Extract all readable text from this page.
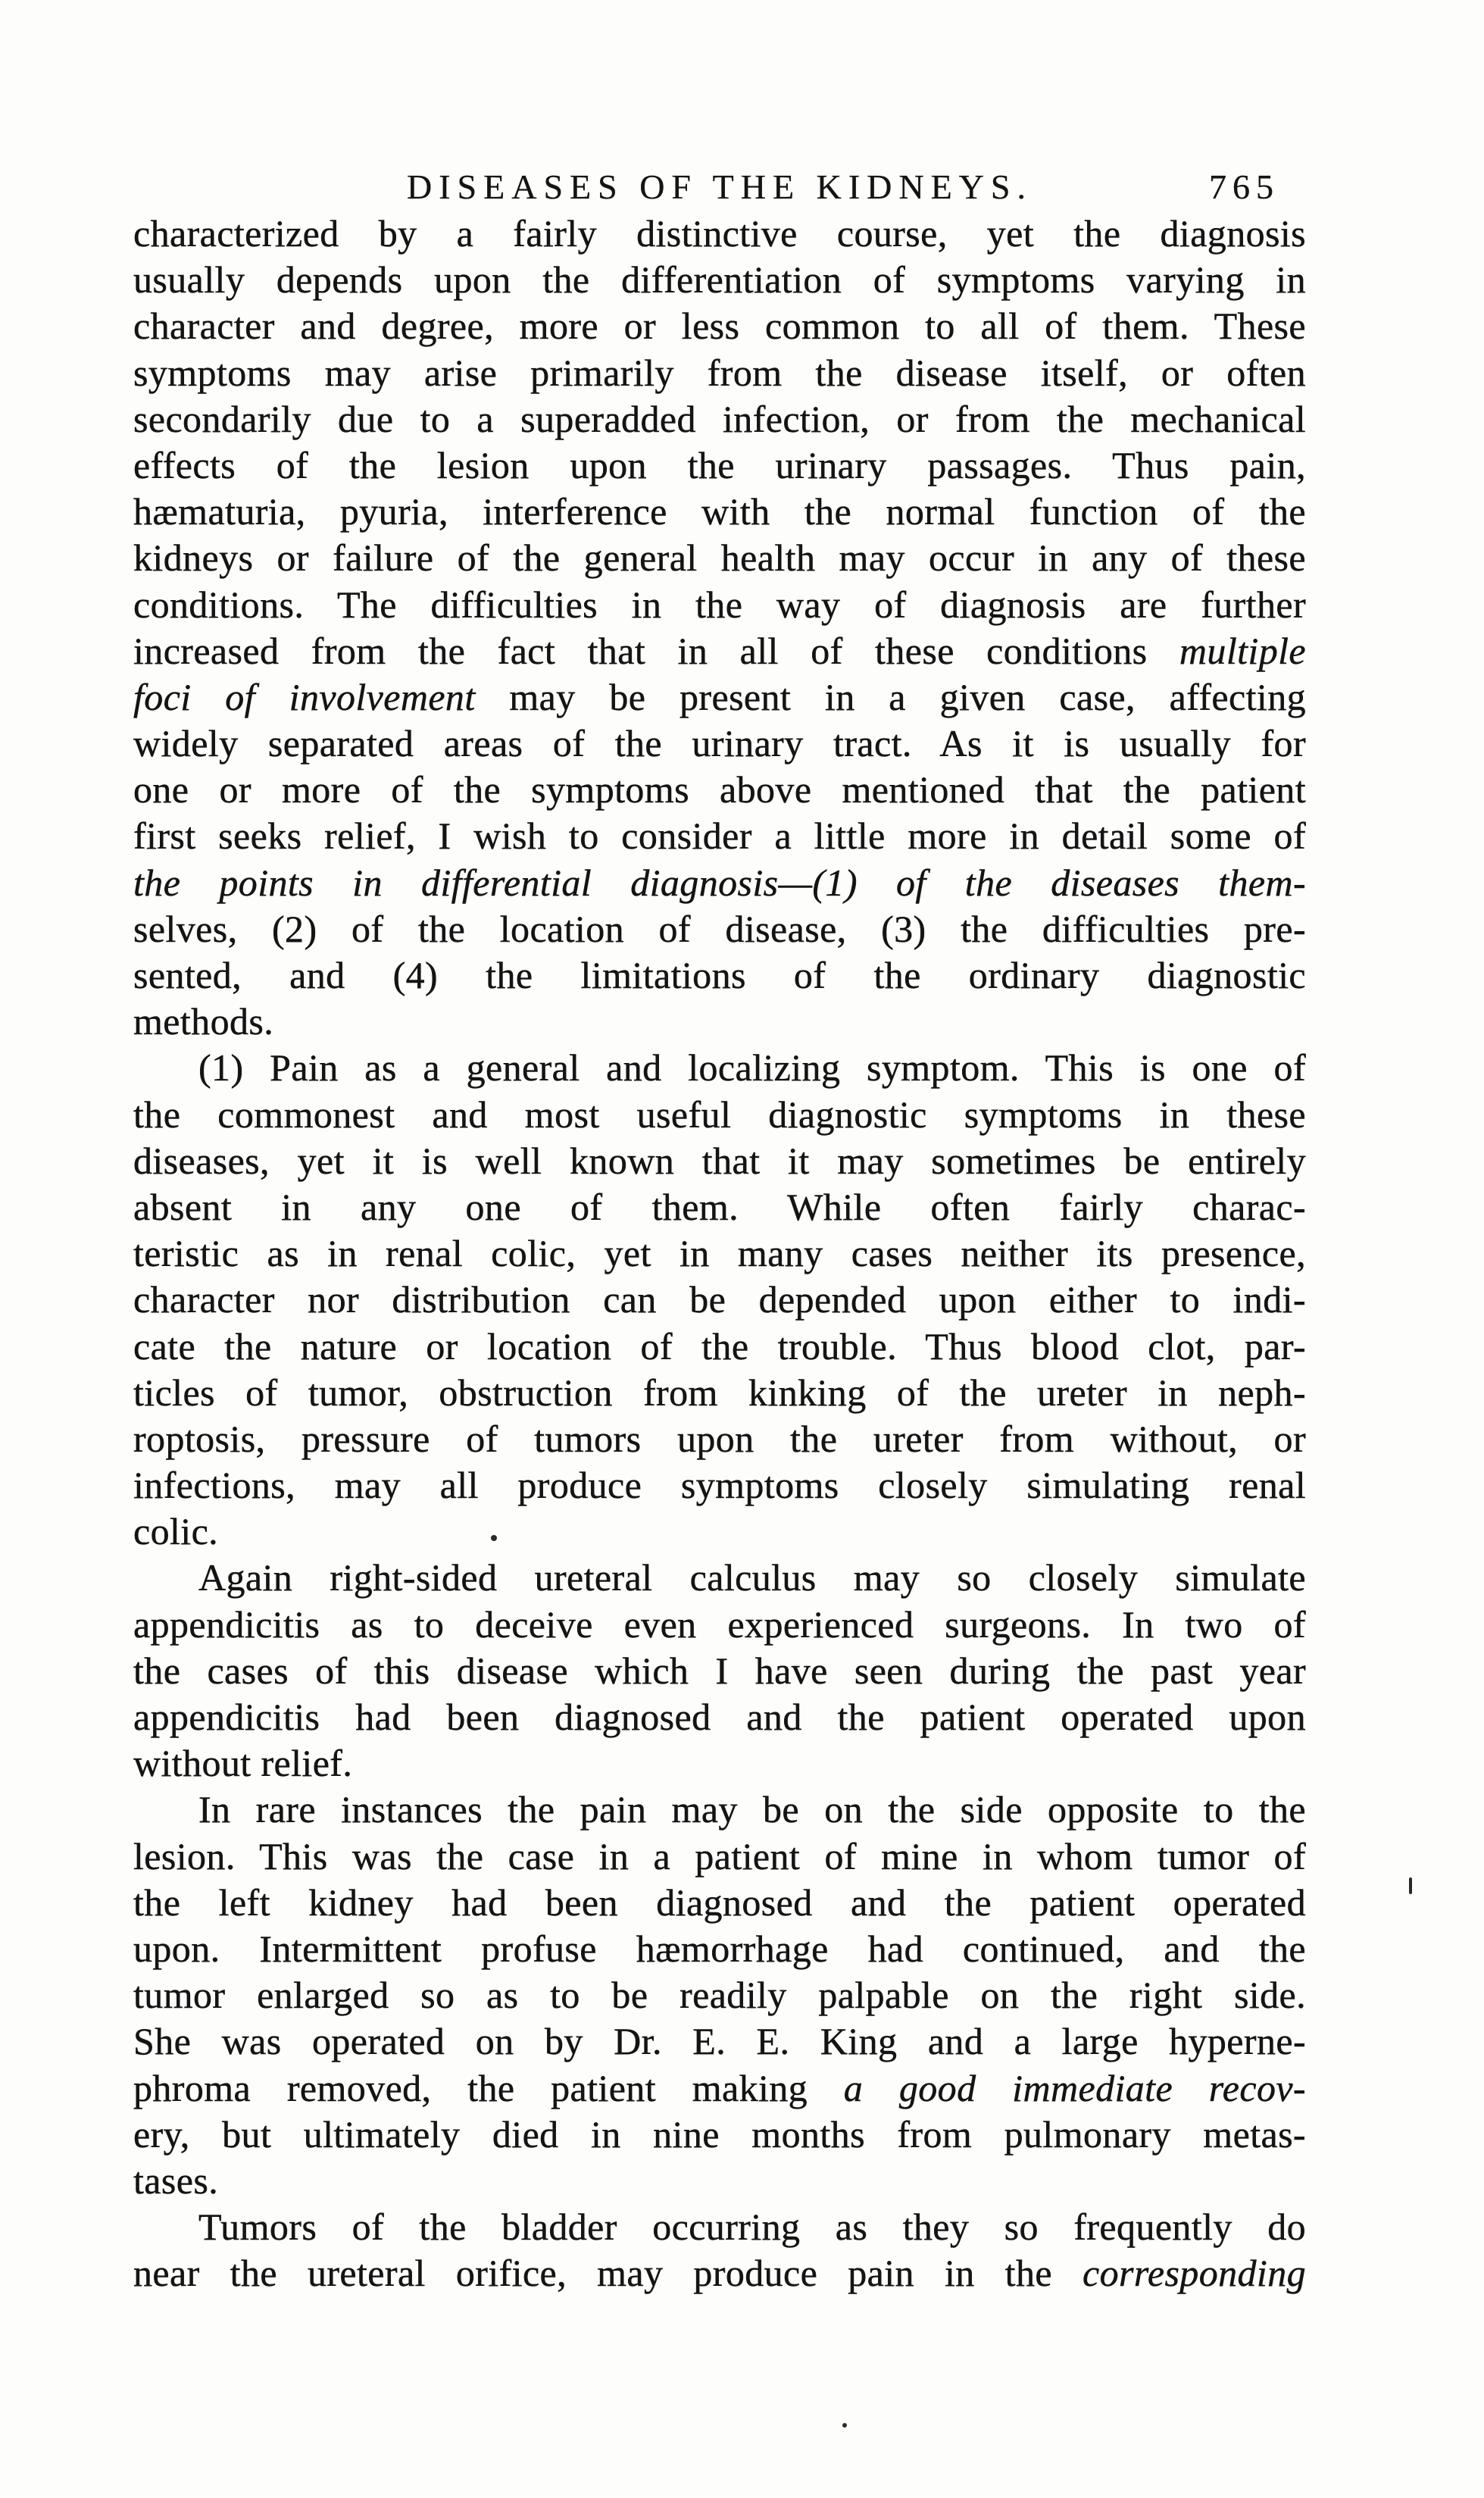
DISEASES OF THE KIDNEYS.	765
characterized by a fairly distinctive course, yet the diagnosis
usually depends upon the differentiation of symptoms varying in
character and degree, more or less common to all of them. These
symptoms may arise primarily from the disease itself, or often
secondarily due to a superadded infection, or from the mechanical
effects of the lesion upon the urinary passages. Thus pain,
hæmaturia, pyuria, interference with the normal function of the
kidneys or failure of the general health may occur in any of these
conditions. The difficulties in the way of diagnosis are further
increased from the fact that in all of these conditions multiple
foci of involvement may be present in a given case, affecting
widely separated areas of the urinary tract. As it is usually for
one or more of the symptoms above mentioned that the patient
first seeks relief, I wish to consider a little more in detail some of
the points in differential diagnosis—(1) of the diseases them-
selves, (2) of the location of disease, (3) the difficulties pre-
sented, and (4) the limitations of the ordinary diagnostic
methods.
(1) Pain as a general and localizing symptom. This is one of
the commonest and most useful diagnostic symptoms in these
diseases, yet it is well known that it may sometimes be entirely
absent in any one of them. While often fairly charac-
teristic as in renal colic, yet in many cases neither its presence,
character nor distribution can be depended upon either to indi-
cate the nature or location of the trouble. Thus blood clot, par-
ticles of tumor, obstruction from kinking of the ureter in neph-
roptosis, pressure of tumors upon the ureter from without, or
infections, may all produce symptoms closely simulating renal
colic.
Again right-sided ureteral calculus may so closely simulate
appendicitis as to deceive even experienced surgeons. In two of
the cases of this disease which I have seen during the past year
appendicitis had been diagnosed and the patient operated upon
without relief.
In rare instances the pain may be on the side opposite to the
lesion. This was the case in a patient of mine in whom tumor of
the left kidney had been diagnosed and the patient operated
upon. Intermittent profuse hæmorrhage had continued, and the
tumor enlarged so as to be readily palpable on the right side.
She was operated on by Dr. E. E. King and a large hyperne-
phroma removed, the patient making a good immediate recov-
ery, but ultimately died in nine months from pulmonary metas-
tases.
Tumors of the bladder occurring as they so frequently do
near the ureteral orifice, may produce pain in the corresponding
